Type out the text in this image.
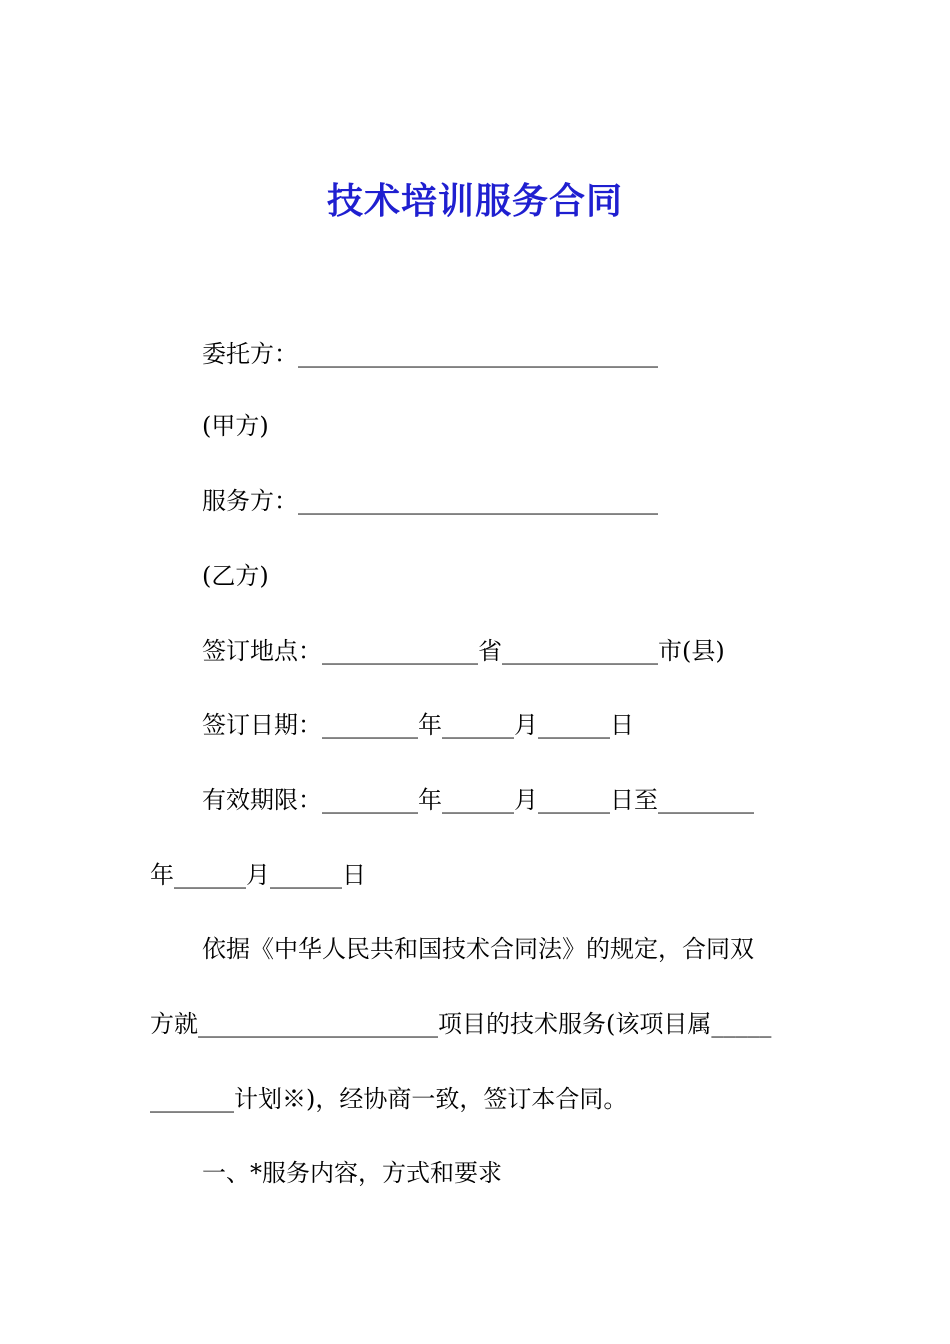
技术培训服务合同
委托方：______________________________
(甲方)
服务方：______________________________
(乙方)
签订地点：_____________省_____________市(县)
签订日期：________年______月______日
有效期限：________年______月______日至________
年______月______日
依据《中华人民共和国技术合同法》的规定，合同双
方就____________________项目的技术服务(该项目属_____
_______计划※)，经协商一致，签订本合同。
一、*服务内容，方式和要求
